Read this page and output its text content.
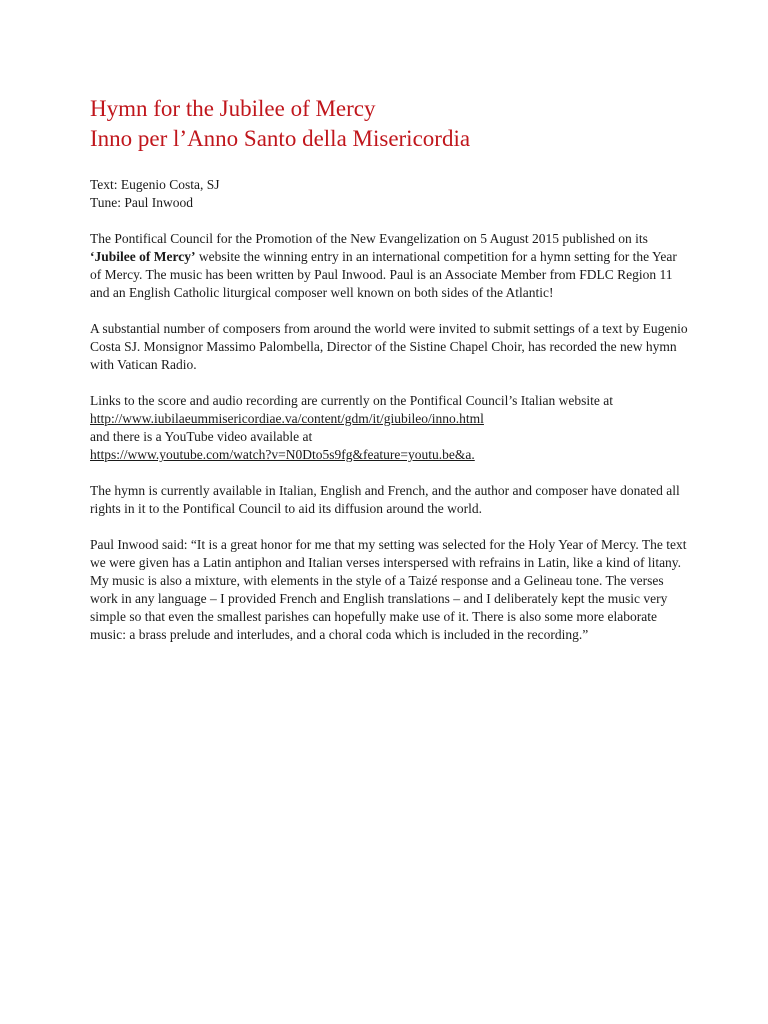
Hymn for the Jubilee of Mercy
Inno per l’Anno Santo della Misericordia
Text: Eugenio Costa, SJ
Tune: Paul Inwood

The Pontifical Council for the Promotion of the New Evangelization on 5 August 2015 published on its ‘Jubilee of Mercy’ website the winning entry in an international competition for a hymn setting for the Year of Mercy. The music has been written by Paul Inwood. Paul is an Associate Member from FDLC Region 11 and an English Catholic liturgical composer well known on both sides of the Atlantic!

A substantial number of composers from around the world were invited to submit settings of a text by Eugenio Costa SJ. Monsignor Massimo Palombella, Director of the Sistine Chapel Choir, has recorded the new hymn with Vatican Radio.

Links to the score and audio recording are currently on the Pontifical Council’s Italian website at
http://www.iubilaeummisericordiae.va/content/gdm/it/giubileo/inno.html
and there is a YouTube video available at
https://www.youtube.com/watch?v=N0Dto5s9fg&feature=youtu.be&a.

The hymn is currently available in Italian, English and French, and the author and composer have donated all rights in it to the Pontifical Council to aid its diffusion around the world.

Paul Inwood said: “It is a great honor for me that my setting was selected for the Holy Year of Mercy. The text we were given has a Latin antiphon and Italian verses interspersed with refrains in Latin, like a kind of litany. My music is also a mixture, with elements in the style of a Taizé response and a Gelineau tone. The verses work in any language – I provided French and English translations – and I deliberately kept the music very simple so that even the smallest parishes can hopefully make use of it. There is also some more elaborate music: a brass prelude and interludes, and a choral coda which is included in the recording.”
